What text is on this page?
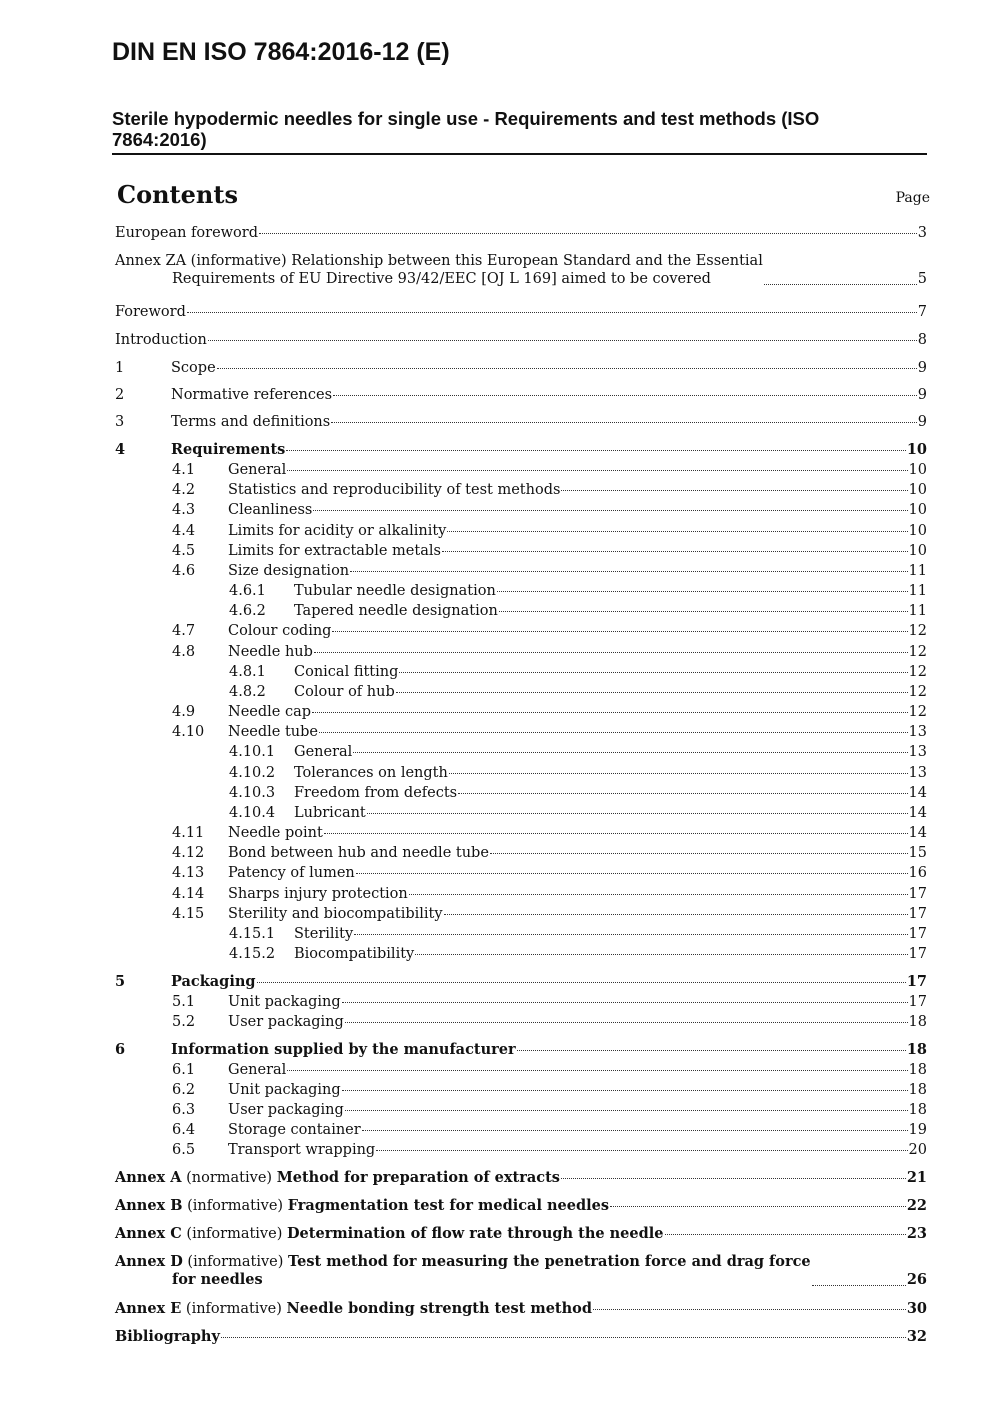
DIN EN ISO 7864:2016-12 (E)
Sterile hypodermic needles for single use - Requirements and test methods (ISO 7864:2016)
Contents	Page
European foreword	3
Annex ZA (informative) Relationship between this European Standard and the Essential
Requirements of EU Directive 93/42/EEC [OJ L 169] aimed to be covered	5
Foreword	7
Introduction	8
1	Scope	9
2	Normative references	9
3	Terms and definitions	9
4	Requirements	10
4.1	General	10
4.2	Statistics and reproducibility of test methods	10
4.3	Cleanliness	10
4.4	Limits for acidity or alkalinity	10
4.5	Limits for extractable metals	10
4.6	Size designation	11
4.6.1	Tubular needle designation	11
4.6.2	Tapered needle designation	11
4.7	Colour coding	12
4.8	Needle hub	12
4.8.1	Conical fitting	12
4.8.2	Colour of hub	12
4.9	Needle cap	12
4.10	Needle tube	13
4.10.1	General	13
4.10.2	Tolerances on length	13
4.10.3	Freedom from defects	14
4.10.4	Lubricant	14
4.11	Needle point	14
4.12	Bond between hub and needle tube	15
4.13	Patency of lumen	16
4.14	Sharps injury protection	17
4.15	Sterility and biocompatibility	17
4.15.1	Sterility	17
4.15.2	Biocompatibility	17
5	Packaging	17
5.1	Unit packaging	17
5.2	User packaging	18
6	Information supplied by the manufacturer	18
6.1	General	18
6.2	Unit packaging	18
6.3	User packaging	18
6.4	Storage container	19
6.5	Transport wrapping	20
Annex A (normative) Method for preparation of extracts	21
Annex B (informative) Fragmentation test for medical needles	22
Annex C (informative) Determination of flow rate through the needle	23
Annex D (informative) Test method for measuring the penetration force and drag force
for needles	26
Annex E (informative) Needle bonding strength test method	30
Bibliography	32
